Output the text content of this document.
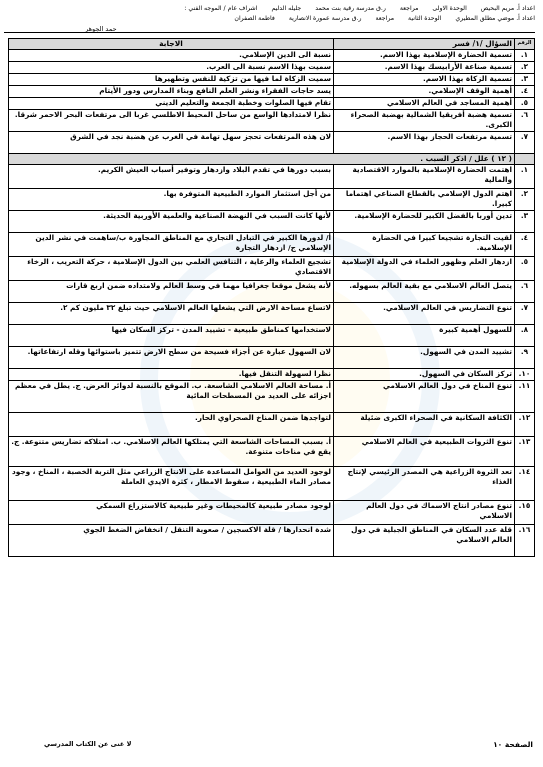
اعداد أ. مريم البحيص
الوحدة الاولى
مراجعة
ر.ق مدرسة رقية بنت محمد
جليله الدليم
اشراف عام / الموجه الفني :
اعداد أ. موضي مطلق المطيري
الوحدة الثانية
مراجعة
ر.ق مدرسة عمورة الانصارية
فاطمة الصفران
حمد الجوهر
الرقم	السؤال /١/ فسر	الاجابة
١.	تسمية الحضارة الإسلامية بهذا الاسم.	نسبة الى الدين الإسلامي.
٢.	تسمية صناعة الأرابيسك بهذا الاسم.	سميت بهذا الاسم نسبة الى العرب.
٣.	تسمية الزكاة بهذا الاسم.	سميت الزكاة لما فيها من تزكية للنفس وتطهيرها
٤.	أهمية الوقف الإسلامي.	يسد حاجات الفقراء ونشر العلم النافع وبناء المدارس ودور الأيتام
٥.	أهمية المساجد في العالم الاسلامي	تقام فيها الصلوات وخطبة الجمعة والتعليم الديني
٦.	تسمية هضبة أفريقيا الشمالية بهضبة الصحراء الكبرى.	نظرا لامتدادها الواسع من ساحل المحيط الاطلسي غربا الى مرتفعات البحر الاحمر شرقا.
٧.	تسمية مرتفعات الحجاز بهذا الاسم.	لان هذه المرتفعات تحجز سهل تهامة في الغرب عن هضبة نجد في الشرق
	( ١٢ ) علل / اذكر السبب .	
١.	اهتمت الحضارة الإسلامية بالموارد الاقتصادية والمالية	بسبب دورها في تقدم البلاد وازدهار وتوفير أسباب العيش الكريم.
٢.	اهتم الدول الإسلامي بالقطاع الصناعي اهتماما كبيرا.	من أجل استثمار الموارد الطبيعية المتوفرة بها.
٣.	تدين أوربا بالفضل الكبير للحضارة الإسلامية.	لأنها كانت السبب في النهضة الصناعية والعلمية الأوربية الحديثة.
٤.	لقيت التجارة تشجيعا كبيرا في الحضارة الإسلامية.	أ/ لدورها الكبير في التبادل التجاري مع المناطق المجاورة ب/ساهمت في نشر الدين الإسلامي ج/ ازدهار التجارة
٥.	ازدهار العلم وظهور العلماء في الدولة الإسلامية	تشجيع العلماء والرعاية ، التنافس العلمي بين الدول الإسلامية ، حركة التعريب ، الرخاء الاقتصادي
٦.	يتصل العالم الاسلامي مع بقية العالم بسهوله.	لأنه يشغل موقعا جغرافيا مهما في وسط العالم ولامتداده ضمن اربع قارات
٧.	تنوع التضاريس في العالم الاسلامي.	لاتساع مساحة الارض التي يشغلها العالم الاسلامي حيث تبلغ ٣٢ مليون كم ٢.
٨.	للسهول أهمية كبيرة	لاستخدامها كمناطق طبيعية - تشييد المدن - تركز السكان فيها
٩.	تشييد المدن في السهول.	لان السهول عبارة عن أجزاء فسيحة من سطح الارض تتميز باستوائها وقله ارتفاعاتها.
١٠.	تركز السكان في السهول.	نظرا لسهولة التنقل فيها.
١١.	تنوع المناخ في دول العالم الاسلامي	أ. مساحة العالم الاسلامي الشاسعة. ب. الموقع بالنسبة لدوائر العرض. ج. يطل في معظم اجزائه على العديد من المسطحات المائية
١٢.	الكثافة السكانية في الصحراء الكبرى ضئيلة	لتواجدها ضمن المناخ الصحراوي الحار.
١٣.	تنوع الثروات الطبيعية في العالم الاسلامي	أ. بسبب المساحات الشاسعة التي يمتلكها العالم الاسلامي. ب. امتلاكه تضاريس متنوعة. ج. يقع في مناخات متنوعة.
١٤.	تعد الثروة الزراعية هي المصدر الرئيسي لإنتاج الغذاء	لوجود العديد من العوامل المساعدة على الانتاج الزراعي مثل التربة الخصبة ، المناخ ، وجود مصادر الماء الطبيعية ، سقوط الامطار ، كثرة الايدي العاملة
١٥.	تنوع مصادر انتاج الاسماك في دول العالم الاسلامي	لوجود مصادر طبيعية كالمحيطات وغير طبيعية كالاستزراع السمكي
١٦.	قلة عدد السكان في المناطق الجبلية في دول العالم الاسلامي	شدة انحدارها / قلة الاكسجين / صعوبة التنقل / انخفاض الضغط الجوي
الصفحة ١٠
لا غنى عن الكتاب المدرسي
